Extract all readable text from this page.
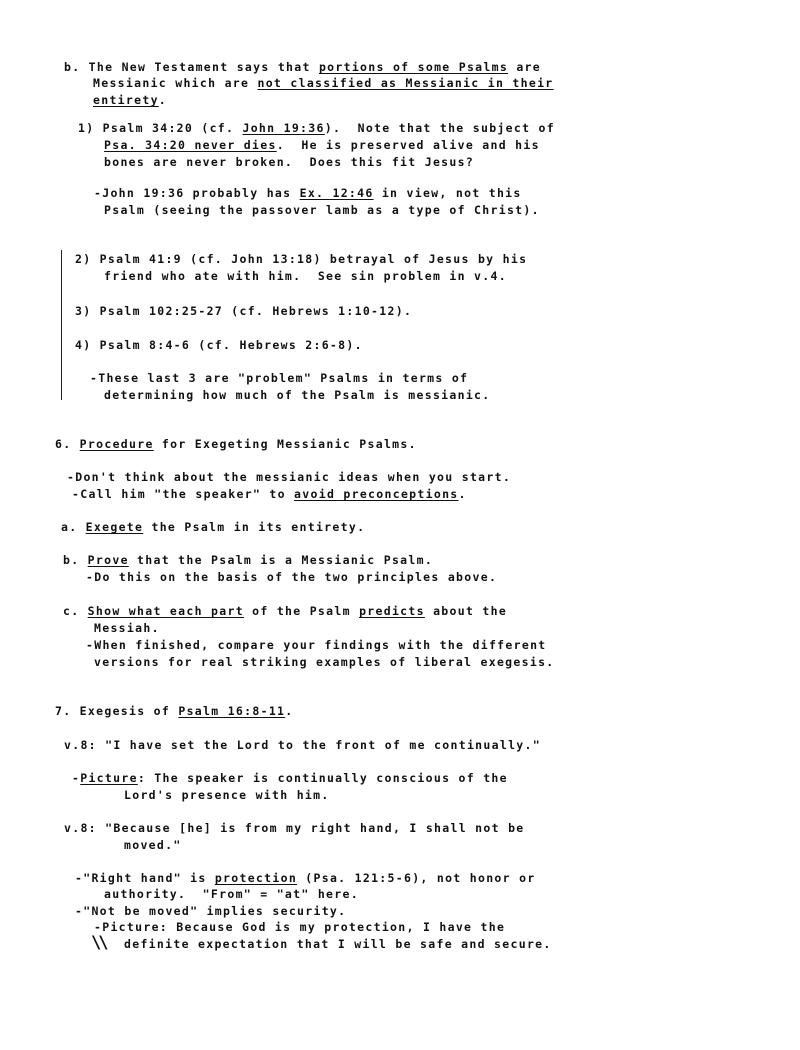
b. The New Testament says that portions of some Psalms are
Messianic which are not classified as Messianic in their
entirety.
1) Psalm 34:20 (cf. John 19:36).  Note that the subject of
Psa. 34:20 never dies.  He is preserved alive and his
bones are never broken.  Does this fit Jesus?
-John 19:36 probably has Ex. 12:46 in view, not this
Psalm (seeing the passover lamb as a type of Christ).
2) Psalm 41:9 (cf. John 13:18) betrayal of Jesus by his
friend who ate with him.  See sin problem in v.4.
3) Psalm 102:25-27 (cf. Hebrews 1:10-12).
4) Psalm 8:4-6 (cf. Hebrews 2:6-8).
-These last 3 are "problem" Psalms in terms of
determining how much of the Psalm is messianic.
6. Procedure for Exegeting Messianic Psalms.
-Don't think about the messianic ideas when you start.
-Call him "the speaker" to avoid preconceptions.
a. Exegete the Psalm in its entirety.
b. Prove that the Psalm is a Messianic Psalm.
-Do this on the basis of the two principles above.
c. Show what each part of the Psalm predicts about the
Messiah.
-When finished, compare your findings with the different
versions for real striking examples of liberal exegesis.
7. Exegesis of Psalm 16:8-11.
v.8: "I have set the Lord to the front of me continually."
-Picture: The speaker is continually conscious of the
Lord's presence with him.
v.8: "Because [he] is from my right hand, I shall not be
moved."
-"Right hand" is protection (Psa. 121:5-6), not honor or
authority.  "From" = "at" here.
-"Not be moved" implies security.
-Picture: Because God is my protection, I have the
\\ definite expectation that I will be safe and secure.
